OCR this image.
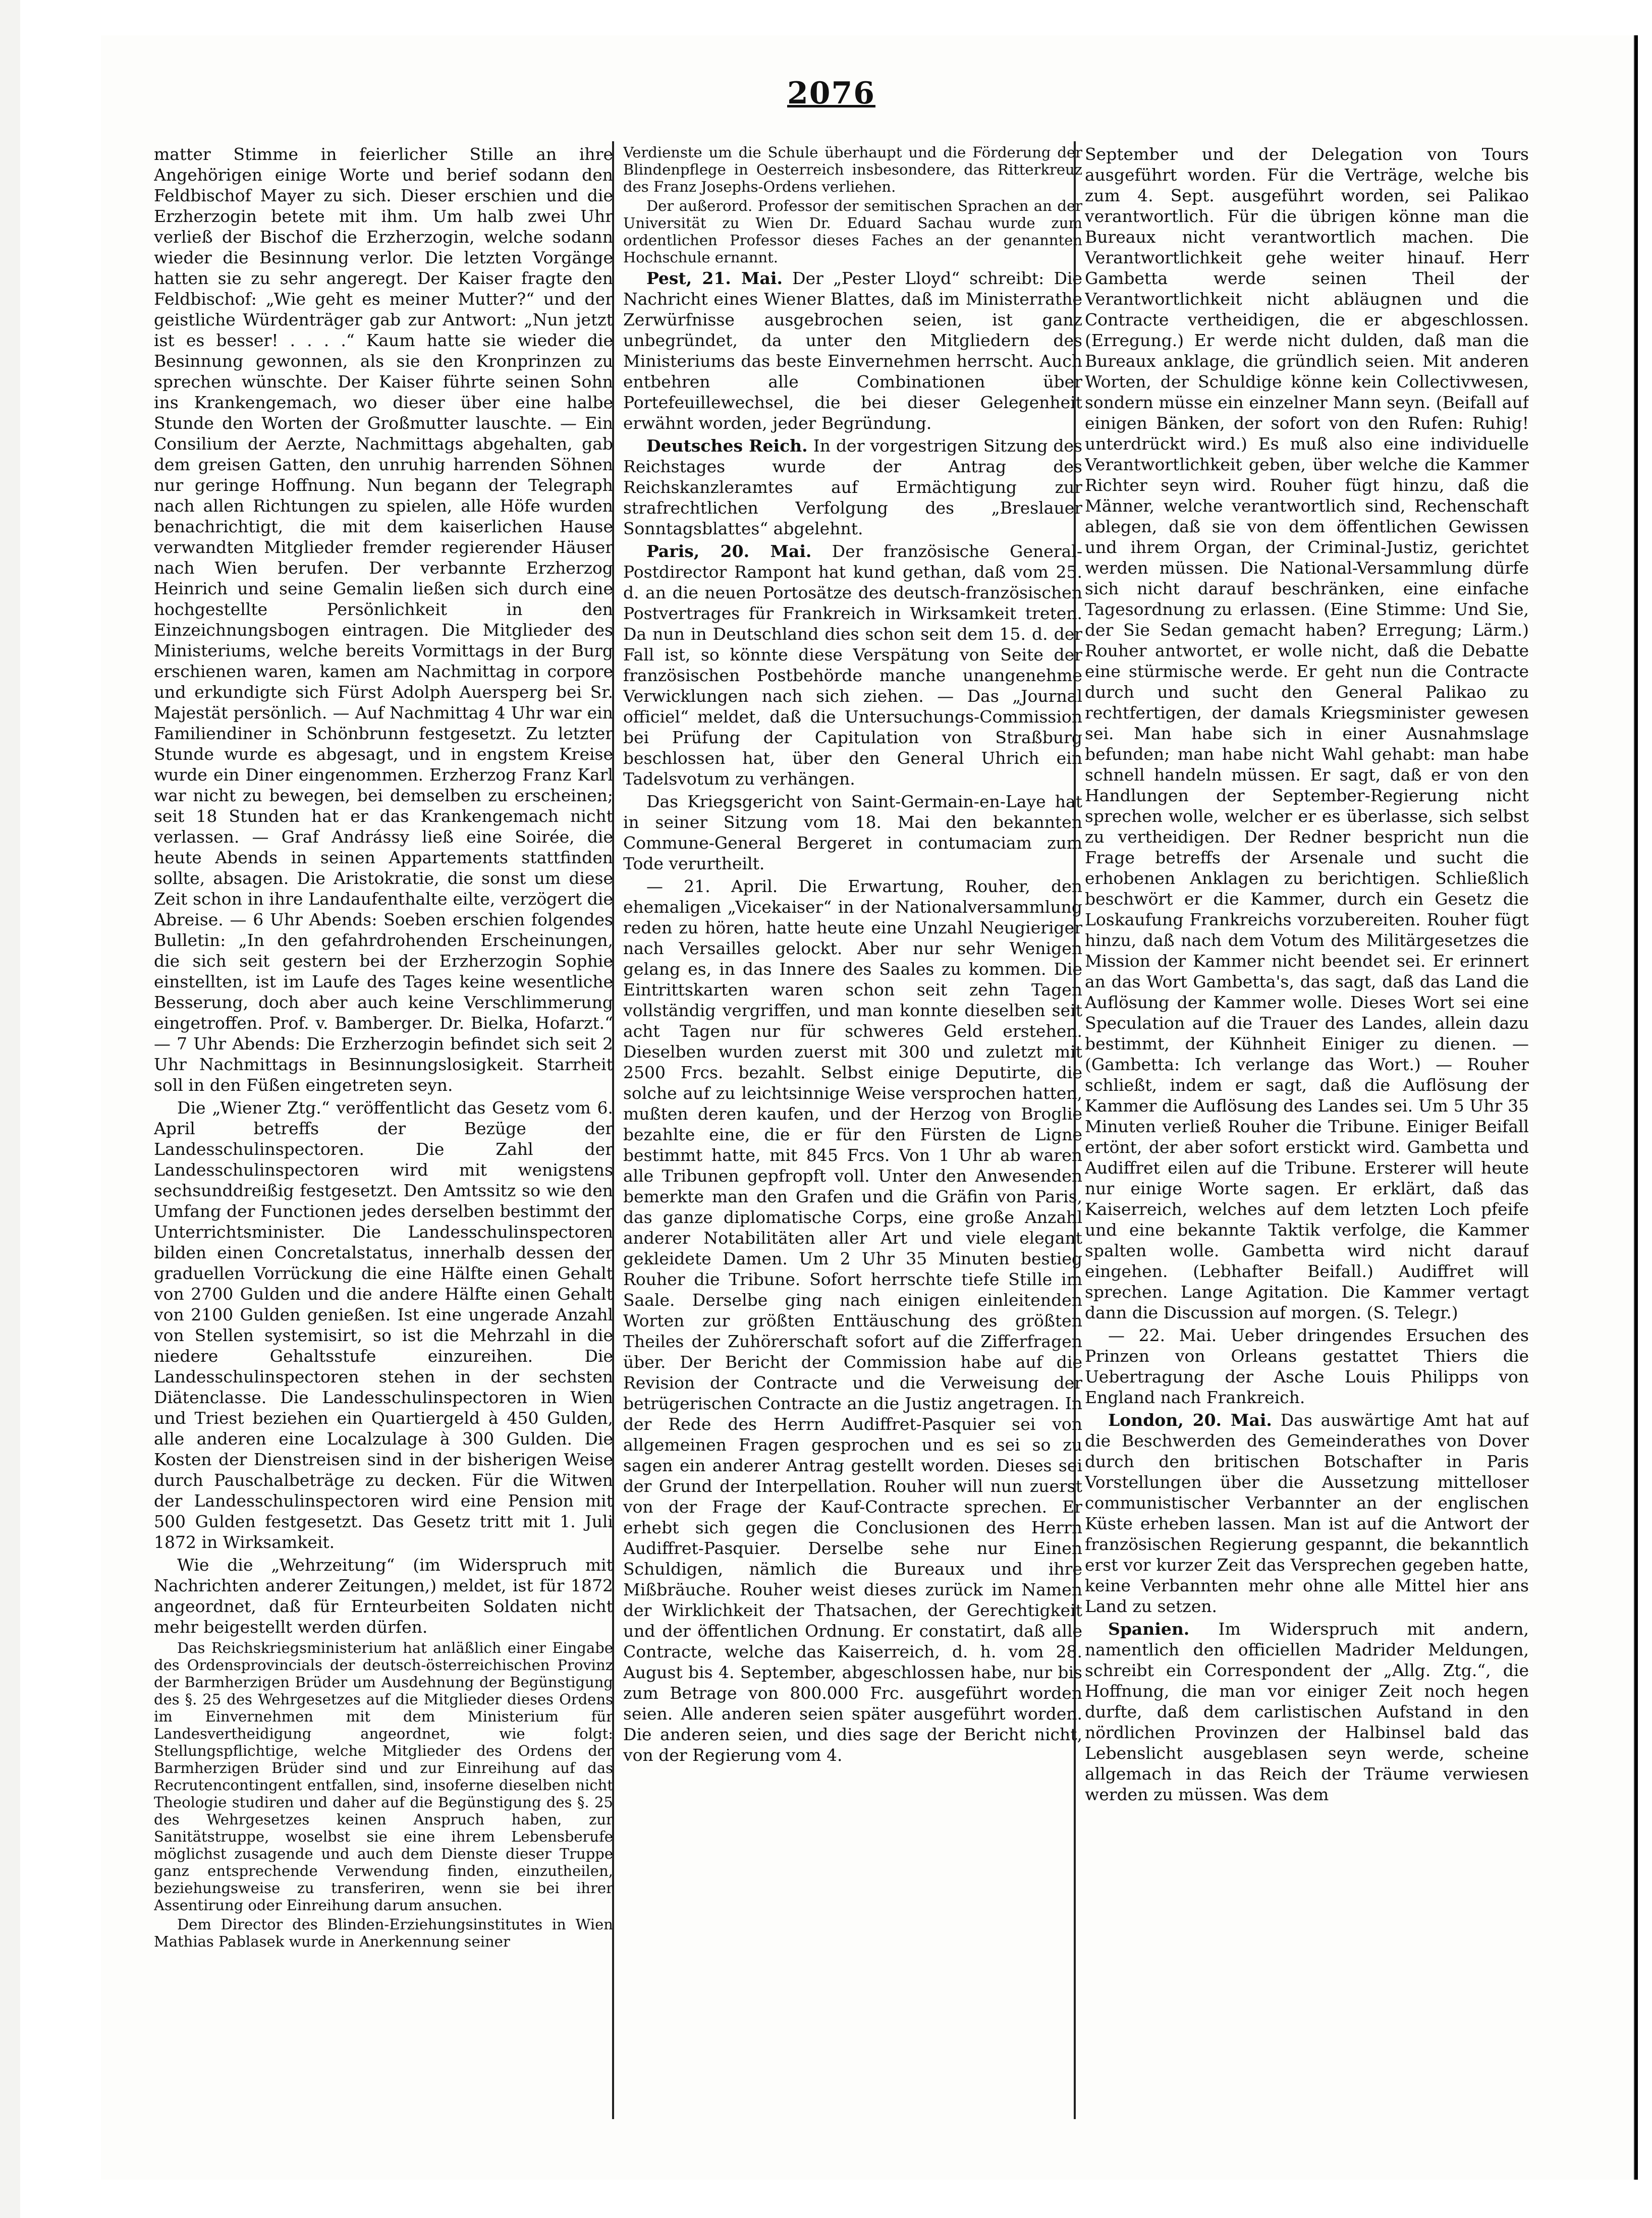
2076

matter Stimme in feierlicher Stille an ihre Angehörigen einige Worte und berief sodann den Feldbischof Mayer zu sich. Dieser erschien und die Erzherzogin betete mit ihm. Um halb zwei Uhr verließ der Bischof die Erzherzogin, welche sodann wieder die Besinnung verlor. Die letzten Vorgänge hatten sie zu sehr angeregt. Der Kaiser fragte den Feldbischof: „Wie geht es meiner Mutter?“ und der geistliche Würdenträger gab zur Antwort: „Nun jetzt ist es besser! . . . .“ Kaum hatte sie wieder die Besinnung gewonnen, als sie den Kronprinzen zu sprechen wünschte. Der Kaiser führte seinen Sohn ins Krankengemach, wo dieser über eine halbe Stunde den Worten der Großmutter lauschte. — Ein Consilium der Aerzte, Nachmittags abgehalten, gab dem greisen Gatten, den unruhig harrenden Söhnen nur geringe Hoffnung. Nun begann der Telegraph nach allen Richtungen zu spielen, alle Höfe wurden benachrichtigt, die mit dem kaiserlichen Hause verwandten Mitglieder fremder regierender Häuser nach Wien berufen. Der verbannte Erzherzog Heinrich und seine Gemalin ließen sich durch eine hochgestellte Persönlichkeit in den Einzeichnungsbogen eintragen. Die Mitglieder des Ministeriums, welche bereits Vormittags in der Burg erschienen waren, kamen am Nachmittag in corpore und erkundigte sich Fürst Adolph Auersperg bei Sr. Majestät persönlich. — Auf Nachmittag 4 Uhr war ein Familiendiner in Schönbrunn festgesetzt. Zu letzter Stunde wurde es abgesagt, und in engstem Kreise wurde ein Diner eingenommen. Erzherzog Franz Karl war nicht zu bewegen, bei demselben zu erscheinen; seit 18 Stunden hat er das Krankengemach nicht verlassen. — Graf Andrássy ließ eine Soirée, die heute Abends in seinen Appartements stattfinden sollte, absagen. Die Aristokratie, die sonst um diese Zeit schon in ihre Landaufenthalte eilte, verzögert die Abreise. — 6 Uhr Abends: Soeben erschien folgendes Bulletin: „In den gefahrdrohenden Erscheinungen, die sich seit gestern bei der Erzherzogin Sophie einstellten, ist im Laufe des Tages keine wesentliche Besserung, doch aber auch keine Verschlimmerung eingetroffen. Prof. v. Bamberger. Dr. Bielka, Hofarzt.“ — 7 Uhr Abends: Die Erzherzogin befindet sich seit 2 Uhr Nachmittags in Besinnungslosigkeit. Starrheit soll in den Füßen eingetreten seyn.

Die „Wiener Ztg.“ veröffentlicht das Gesetz vom 6. April betreffs der Bezüge der Landesschulinspectoren. Die Zahl der Landesschulinspectoren wird mit wenigstens sechsunddreißig festgesetzt. Den Amtssitz so wie den Umfang der Functionen jedes derselben bestimmt der Unterrichtsminister. Die Landesschulinspectoren bilden einen Concretalstatus, innerhalb dessen der graduellen Vorrückung die eine Hälfte einen Gehalt von 2700 Gulden und die andere Hälfte einen Gehalt von 2100 Gulden genießen. Ist eine ungerade Anzahl von Stellen systemisirt, so ist die Mehrzahl in die niedere Gehaltsstufe einzureihen. Die Landesschulinspectoren stehen in der sechsten Diätenclasse. Die Landesschulinspectoren in Wien und Triest beziehen ein Quartiergeld à 450 Gulden, alle anderen eine Localzulage à 300 Gulden. Die Kosten der Dienstreisen sind in der bisherigen Weise durch Pauschalbeträge zu decken. Für die Witwen der Landesschulinspectoren wird eine Pension mit 500 Gulden festgesetzt. Das Gesetz tritt mit 1. Juli 1872 in Wirksamkeit.

Wie die „Wehrzeitung“ (im Widerspruch mit Nachrichten anderer Zeitungen,) meldet, ist für 1872 angeordnet, daß für Ernteurbeiten Soldaten nicht mehr beigestellt werden dürfen.

Das Reichskriegsministerium hat anläßlich einer Eingabe des Ordensprovincials der deutsch-österreichischen Provinz der Barmherzigen Brüder um Ausdehnung der Begünstigung des §. 25 des Wehrgesetzes auf die Mitglieder dieses Ordens im Einvernehmen mit dem Ministerium für Landesvertheidigung angeordnet, wie folgt: Stellungspflichtige, welche Mitglieder des Ordens der Barmherzigen Brüder sind und zur Einreihung auf das Recrutencontingent entfallen, sind, insoferne dieselben nicht Theologie studiren und daher auf die Begünstigung des §. 25 des Wehrgesetzes keinen Anspruch haben, zur Sanitätstruppe, woselbst sie eine ihrem Lebensberufe möglichst zusagende und auch dem Dienste dieser Truppe ganz entsprechende Verwendung finden, einzutheilen, beziehungsweise zu transferiren, wenn sie bei ihrer Assentirung oder Einreihung darum ansuchen.

Dem Director des Blinden-Erziehungsinstitutes in Wien Mathias Pablasek wurde in Anerkennung seiner

Verdienste um die Schule überhaupt und die Förderung der Blindenpflege in Oesterreich insbesondere, das Ritterkreuz des Franz Josephs-Ordens verliehen.

Der außerord. Professor der semitischen Sprachen an der Universität zu Wien Dr. Eduard Sachau wurde zum ordentlichen Professor dieses Faches an der genannten Hochschule ernannt.

Pest, 21. Mai. Der „Pester Lloyd“ schreibt: Die Nachricht eines Wiener Blattes, daß im Ministerrathe Zerwürfnisse ausgebrochen seien, ist ganz unbegründet, da unter den Mitgliedern des Ministeriums das beste Einvernehmen herrscht. Auch entbehren alle Combinationen über Portefeuillewechsel, die bei dieser Gelegenheit erwähnt worden, jeder Begründung.

Deutsches Reich. In der vorgestrigen Sitzung des Reichstages wurde der Antrag des Reichskanzleramtes auf Ermächtigung zur strafrechtlichen Verfolgung des „Breslauer Sonntagsblattes“ abgelehnt.

Paris, 20. Mai. Der französische General-Postdirector Rampont hat kund gethan, daß vom 25. d. an die neuen Portosätze des deutsch-französischen Postvertrages für Frankreich in Wirksamkeit treten. Da nun in Deutschland dies schon seit dem 15. d. der Fall ist, so könnte diese Verspätung von Seite der französischen Postbehörde manche unangenehme Verwicklungen nach sich ziehen. — Das „Journal officiel“ meldet, daß die Untersuchungs-Commission bei Prüfung der Capitulation von Straßburg beschlossen hat, über den General Uhrich ein Tadelsvotum zu verhängen.

Das Kriegsgericht von Saint-Germain-en-Laye hat in seiner Sitzung vom 18. Mai den bekannten Commune-General Bergeret in contumaciam zum Tode verurtheilt.

— 21. April. Die Erwartung, Rouher, den ehemaligen „Vicekaiser“ in der Nationalversammlung reden zu hören, hatte heute eine Unzahl Neugieriger nach Versailles gelockt. Aber nur sehr Wenigen gelang es, in das Innere des Saales zu kommen. Die Eintrittskarten waren schon seit zehn Tagen vollständig vergriffen, und man konnte dieselben seit acht Tagen nur für schweres Geld erstehen. Dieselben wurden zuerst mit 300 und zuletzt mit 2500 Frcs. bezahlt. Selbst einige Deputirte, die solche auf zu leichtsinnige Weise versprochen hatten, mußten deren kaufen, und der Herzog von Broglie bezahlte eine, die er für den Fürsten de Ligne bestimmt hatte, mit 845 Frcs. Von 1 Uhr ab waren alle Tribunen gepfropft voll. Unter den Anwesenden bemerkte man den Grafen und die Gräfin von Paris, das ganze diplomatische Corps, eine große Anzahl anderer Notabilitäten aller Art und viele elegant gekleidete Damen. Um 2 Uhr 35 Minuten bestieg Rouher die Tribune. Sofort herrschte tiefe Stille im Saale. Derselbe ging nach einigen einleitenden Worten zur größten Enttäuschung des größten Theiles der Zuhörerschaft sofort auf die Zifferfragen über. Der Bericht der Commission habe auf die Revision der Contracte und die Verweisung der betrügerischen Contracte an die Justiz angetragen. In der Rede des Herrn Audiffret-Pasquier sei von allgemeinen Fragen gesprochen und es sei so zu sagen ein anderer Antrag gestellt worden. Dieses sei der Grund der Interpellation. Rouher will nun zuerst von der Frage der Kauf-Contracte sprechen. Er erhebt sich gegen die Conclusionen des Herrn Audiffret-Pasquier. Derselbe sehe nur Einen Schuldigen, nämlich die Bureaux und ihre Mißbräuche. Rouher weist dieses zurück im Namen der Wirklichkeit der Thatsachen, der Gerechtigkeit und der öffentlichen Ordnung. Er constatirt, daß alle Contracte, welche das Kaiserreich, d. h. vom 28. August bis 4. September, abgeschlossen habe, nur bis zum Betrage von 800.000 Frc. ausgeführt worden seien. Alle anderen seien später ausgeführt worden. Die anderen seien, und dies sage der Bericht nicht, von der Regierung vom 4.

September und der Delegation von Tours ausgeführt worden. Für die Verträge, welche bis zum 4. Sept. ausgeführt worden, sei Palikao verantwortlich. Für die übrigen könne man die Bureaux nicht verantwortlich machen. Die Verantwortlichkeit gehe weiter hinauf. Herr Gambetta werde seinen Theil der Verantwortlichkeit nicht abläugnen und die Contracte vertheidigen, die er abgeschlossen. (Erregung.) Er werde nicht dulden, daß man die Bureaux anklage, die gründlich seien. Mit anderen Worten, der Schuldige könne kein Collectivwesen, sondern müsse ein einzelner Mann seyn. (Beifall auf einigen Bänken, der sofort von den Rufen: Ruhig! unterdrückt wird.) Es muß also eine individuelle Verantwortlichkeit geben, über welche die Kammer Richter seyn wird. Rouher fügt hinzu, daß die Männer, welche verantwortlich sind, Rechenschaft ablegen, daß sie von dem öffentlichen Gewissen und ihrem Organ, der Criminal-Justiz, gerichtet werden müssen. Die National-Versammlung dürfe sich nicht darauf beschränken, eine einfache Tagesordnung zu erlassen. (Eine Stimme: Und Sie, der Sie Sedan gemacht haben? Erregung; Lärm.) Rouher antwortet, er wolle nicht, daß die Debatte eine stürmische werde. Er geht nun die Contracte durch und sucht den General Palikao zu rechtfertigen, der damals Kriegsminister gewesen sei. Man habe sich in einer Ausnahmslage befunden; man habe nicht Wahl gehabt: man habe schnell handeln müssen. Er sagt, daß er von den Handlungen der September-Regierung nicht sprechen wolle, welcher er es überlasse, sich selbst zu vertheidigen. Der Redner bespricht nun die Frage betreffs der Arsenale und sucht die erhobenen Anklagen zu berichtigen. Schließlich beschwört er die Kammer, durch ein Gesetz die Loskaufung Frankreichs vorzubereiten. Rouher fügt hinzu, daß nach dem Votum des Militärgesetzes die Mission der Kammer nicht beendet sei. Er erinnert an das Wort Gambetta's, das sagt, daß das Land die Auflösung der Kammer wolle. Dieses Wort sei eine Speculation auf die Trauer des Landes, allein dazu bestimmt, der Kühnheit Einiger zu dienen. — (Gambetta: Ich verlange das Wort.) — Rouher schließt, indem er sagt, daß die Auflösung der Kammer die Auflösung des Landes sei. Um 5 Uhr 35 Minuten verließ Rouher die Tribune. Einiger Beifall ertönt, der aber sofort erstickt wird. Gambetta und Audiffret eilen auf die Tribune. Ersterer will heute nur einige Worte sagen. Er erklärt, daß das Kaiserreich, welches auf dem letzten Loch pfeife und eine bekannte Taktik verfolge, die Kammer spalten wolle. Gambetta wird nicht darauf eingehen. (Lebhafter Beifall.) Audiffret will sprechen. Lange Agitation. Die Kammer vertagt dann die Discussion auf morgen. (S. Telegr.)

— 22. Mai. Ueber dringendes Ersuchen des Prinzen von Orleans gestattet Thiers die Uebertragung der Asche Louis Philipps von England nach Frankreich.

London, 20. Mai. Das auswärtige Amt hat auf die Beschwerden des Gemeinderathes von Dover durch den britischen Botschafter in Paris Vorstellungen über die Aussetzung mittelloser communistischer Verbannter an der englischen Küste erheben lassen. Man ist auf die Antwort der französischen Regierung gespannt, die bekanntlich erst vor kurzer Zeit das Versprechen gegeben hatte, keine Verbannten mehr ohne alle Mittel hier ans Land zu setzen.

Spanien. Im Widerspruch mit andern, namentlich den officiellen Madrider Meldungen, schreibt ein Correspondent der „Allg. Ztg.“, die Hoffnung, die man vor einiger Zeit noch hegen durfte, daß dem carlistischen Aufstand in den nördlichen Provinzen der Halbinsel bald das Lebenslicht ausgeblasen seyn werde, scheine allgemach in das Reich der Träume verwiesen werden zu müssen. Was dem
